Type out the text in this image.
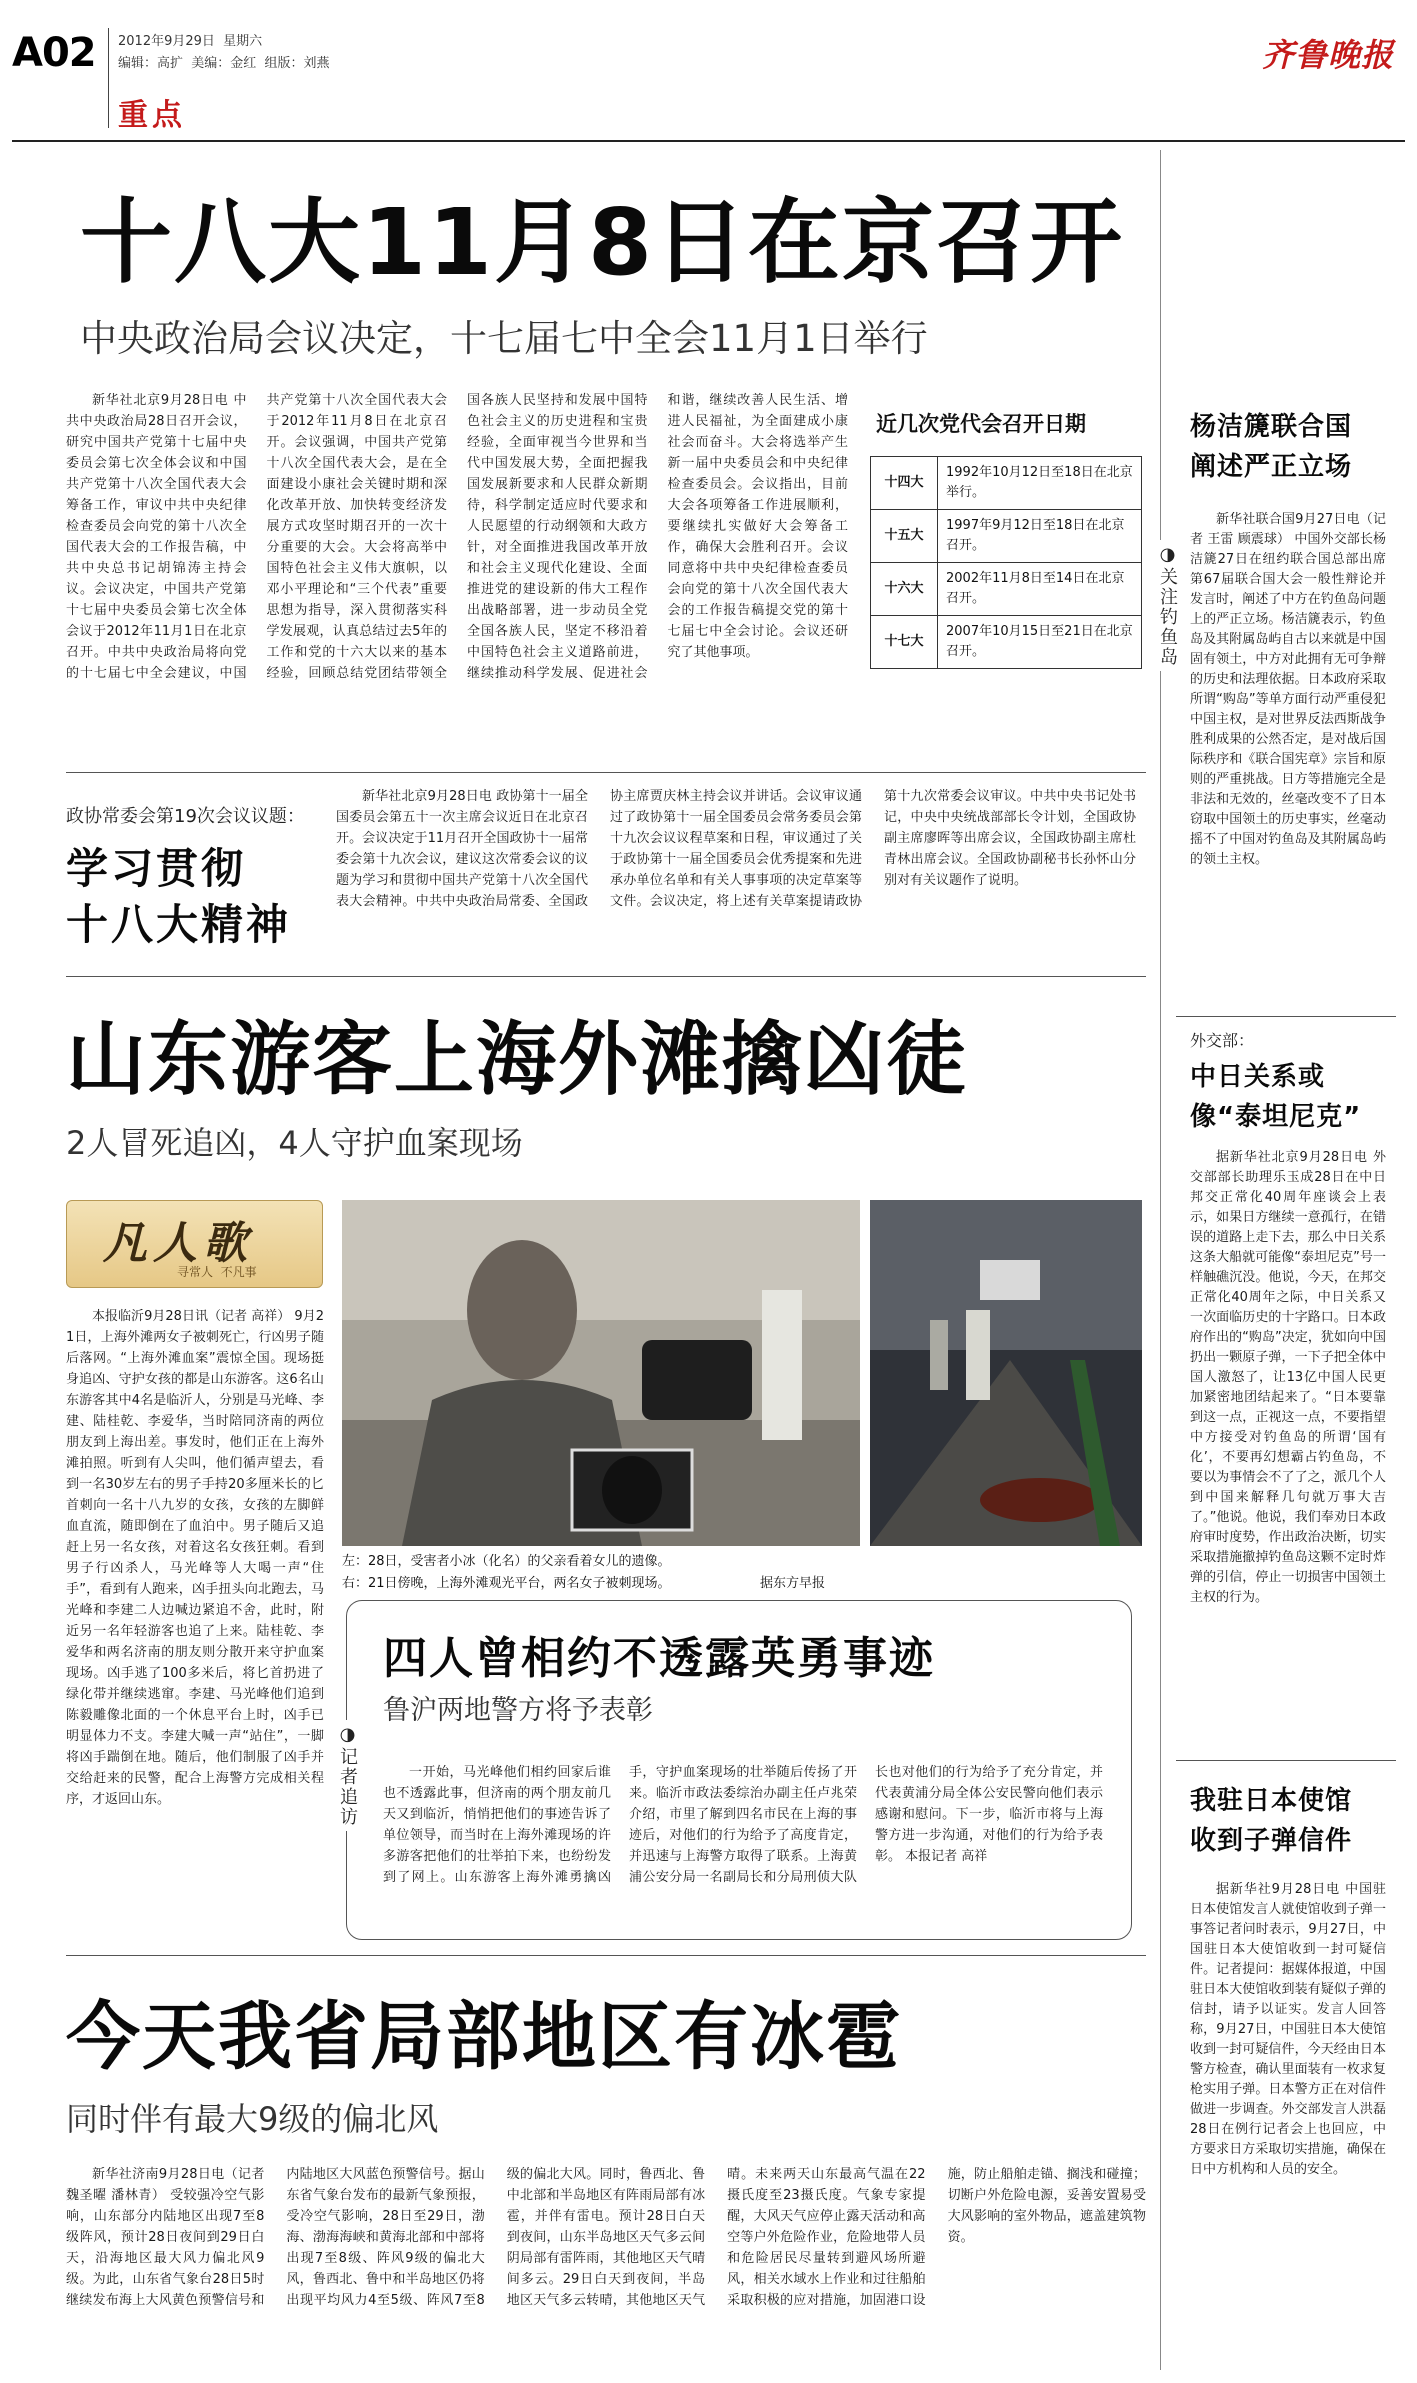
A02 2012年9月29日  星期六
编辑：高扩  美编：金红  组版：刘燕
重点
齐鲁晚报
十八大11月8日在京召开
中央政治局会议决定，十七届七中全会11月1日举行

新华社北京9月28日电 中共中央政治局28日召开会议，研究中国共产党第十七届中央委员会第七次全体会议和中国共产党第十八次全国代表大会筹备工作，审议中共中央纪律检查委员会向党的第十八次全国代表大会的工作报告稿，中共中央总书记胡锦涛主持会议。会议决定，中国共产党第十七届中央委员会第七次全体会议于2012年11月1日在北京召开。中共中央政治局将向党的十七届七中全会建议，中国共产党第十八次全国代表大会于2012年11月8日在北京召开。会议强调，中国共产党第十八次全国代表大会，是在全面建设小康社会关键时期和深化改革开放、加快转变经济发展方式攻坚时期召开的一次十分重要的大会。大会将高举中国特色社会主义伟大旗帜，以邓小平理论和“三个代表”重要思想为指导，深入贯彻落实科学发展观，认真总结过去5年的工作和党的十六大以来的基本经验，回顾总结党团结带领全国各族人民坚持和发展中国特色社会主义的历史进程和宝贵经验，全面审视当今世界和当代中国发展大势，全面把握我国发展新要求和人民群众新期待，科学制定适应时代要求和人民愿望的行动纲领和大政方针，对全面推进我国改革开放和社会主义现代化建设、全面推进党的建设新的伟大工程作出战略部署，进一步动员全党全国各族人民，坚定不移沿着中国特色社会主义道路前进，继续推动科学发展、促进社会和谐，继续改善人民生活、增进人民福祉，为全面建成小康社会而奋斗。大会将选举产生新一届中央委员会和中央纪律检查委员会。会议指出，目前大会各项筹备工作进展顺利，要继续扎实做好大会筹备工作，确保大会胜利召开。会议同意将中共中央纪律检查委员会向党的第十八次全国代表大会的工作报告稿提交党的第十七届七中全会讨论。会议还研究了其他事项。

近几次党代会召开日期
十四大	1992年10月12日至18日在北京举行。
十五大	1997年9月12日至18日在北京召开。
十六大	2002年11月8日至14日在北京召开。
十七大	2007年10月15日至21日在北京召开。
政协常委会第19次会议议题：
学习贯彻
十八大精神

新华社北京9月28日电 政协第十一届全国委员会第五十一次主席会议近日在北京召开。会议决定于11月召开全国政协十一届常委会第十九次会议，建议这次常委会议的议题为学习和贯彻中国共产党第十八次全国代表大会精神。中共中央政治局常委、全国政协主席贾庆林主持会议并讲话。会议审议通过了政协第十一届全国委员会常务委员会第十九次会议议程草案和日程，审议通过了关于政协第十一届全国委员会优秀提案和先进承办单位名单和有关人事事项的决定草案等文件。会议决定，将上述有关草案提请政协第十九次常委会议审议。中共中央书记处书记，中央中央统战部部长令计划，全国政协副主席廖晖等出席会议，全国政协副主席杜青林出席会议。全国政协副秘书长孙怀山分别对有关议题作了说明。

山东游客上海外滩擒凶徒
2人冒死追凶，4人守护血案现场
凡人歌
寻常人  不凡事

本报临沂9月28日讯（记者 高祥） 9月21日，上海外滩两女子被刺死亡，行凶男子随后落网。“上海外滩血案”震惊全国。现场挺身追凶、守护女孩的都是山东游客。这6名山东游客其中4名是临沂人，分别是马光峰、李建、陆桂乾、李爱华，当时陪同济南的两位朋友到上海出差。事发时，他们正在上海外滩拍照。听到有人尖叫，他们循声望去，看到一名30岁左右的男子手持20多厘米长的匕首刺向一名十八九岁的女孩，女孩的左脚鲜血直流，随即倒在了血泊中。男子随后又追赶上另一名女孩，对着这名女孩狂刺。看到男子行凶杀人，马光峰等人大喝一声“住手”，看到有人跑来，凶手扭头向北跑去，马光峰和李建二人边喊边紧追不舍，此时，附近另一名年轻游客也追了上来。陆桂乾、李爱华和两名济南的朋友则分散开来守护血案现场。凶手逃了100多米后，将匕首扔进了绿化带并继续逃窜。李建、马光峰他们追到陈毅雕像北面的一个休息平台上时，凶手已明显体力不支。李建大喊一声“站住”，一脚将凶手踹倒在地。随后，他们制服了凶手并交给赶来的民警，配合上海警方完成相关程序，才返回山东。

左：28日，受害者小冰（化名）的父亲看着女儿的遗像。
右：21日傍晚，上海外滩观光平台，两名女子被刺现场。	据东方早报
四人曾相约不透露英勇事迹
鲁沪两地警方将予表彰
◑记者追访	一开始，马光峰他们相约回家后谁也不透露此事，但济南的两个朋友前几天又到临沂，悄悄把他们的事迹告诉了单位领导，而当时在上海外滩现场的许多游客把他们的壮举拍下来，也纷纷发到了网上。山东游客上海外滩勇擒凶手，守护血案现场的壮举随后传扬了开来。临沂市政法委综治办副主任卢兆荣介绍，市里了解到四名市民在上海的事迹后，对他们的行为给予了高度肯定，并迅速与上海警方取得了联系。上海黄浦公安分局一名副局长和分局刑侦大队长也对他们的行为给予了充分肯定，并代表黄浦分局全体公安民警向他们表示感谢和慰问。下一步，临沂市将与上海警方进一步沟通，对他们的行为给予表彰。 本报记者 高祥

今天我省局部地区有冰雹
同时伴有最大9级的偏北风

新华社济南9月28日电（记者 魏圣曜 潘林青） 受较强冷空气影响，山东部分内陆地区出现7至8级阵风，预计28日夜间到29日白天，沿海地区最大风力偏北风9级。为此，山东省气象台28日5时继续发布海上大风黄色预警信号和内陆地区大风蓝色预警信号。据山东省气象台发布的最新气象预报，受冷空气影响，28日至29日，渤海、渤海海峡和黄海北部和中部将出现7至8级、阵风9级的偏北大风，鲁西北、鲁中和半岛地区仍将出现平均风力4至5级、阵风7至8级的偏北大风。同时，鲁西北、鲁中北部和半岛地区有阵雨局部有冰雹，并伴有雷电。预计28日白天到夜间，山东半岛地区天气多云间阴局部有雷阵雨，其他地区天气晴间多云。29日白天到夜间，半岛地区天气多云转晴，其他地区天气晴。未来两天山东最高气温在22摄氏度至23摄氏度。气象专家提醒，大风天气应停止露天活动和高空等户外危险作业，危险地带人员和危险居民尽量转到避风场所避风，相关水域水上作业和过往船舶采取积极的应对措施，加固港口设施，防止船舶走锚、搁浅和碰撞；切断户外危险电源，妥善安置易受大风影响的室外物品，遮盖建筑物资。

杨洁篪联合国
阐述严正立场
◑关注钓鱼岛

新华社联合国9月27日电（记者 王雷 顾震球） 中国外交部长杨洁篪27日在纽约联合国总部出席第67届联合国大会一般性辩论并发言时，阐述了中方在钓鱼岛问题上的严正立场。杨洁篪表示，钓鱼岛及其附属岛屿自古以来就是中国固有领土，中方对此拥有无可争辩的历史和法理依据。日本政府采取所谓“购岛”等单方面行动严重侵犯中国主权，是对世界反法西斯战争胜利成果的公然否定，是对战后国际秩序和《联合国宪章》宗旨和原则的严重挑战。日方等措施完全是非法和无效的，丝毫改变不了日本窃取中国领土的历史事实，丝毫动摇不了中国对钓鱼岛及其附属岛屿的领土主权。

外交部：
中日关系或
像“泰坦尼克”

据新华社北京9月28日电 外交部部长助理乐玉成28日在中日邦交正常化40周年座谈会上表示，如果日方继续一意孤行，在错误的道路上走下去，那么中日关系这条大船就可能像“泰坦尼克”号一样触礁沉没。他说，今天，在邦交正常化40周年之际，中日关系又一次面临历史的十字路口。日本政府作出的“购岛”决定，犹如向中国扔出一颗原子弹，一下子把全体中国人激怒了，让13亿中国人民更加紧密地团结起来了。“日本要靠到这一点，正视这一点，不要指望中方接受对钓鱼岛的所谓‘国有化’，不要再幻想霸占钓鱼岛，不要以为事情会不了了之，派几个人到中国来解释几句就万事大吉了。”他说。他说，我们奉劝日本政府审时度势，作出政治决断，切实采取措施撤掉钓鱼岛这颗不定时炸弹的引信，停止一切损害中国领土主权的行为。

我驻日本使馆
收到子弹信件

据新华社9月28日电 中国驻日本使馆发言人就使馆收到子弹一事答记者问时表示，9月27日，中国驻日本大使馆收到一封可疑信件。记者提问：据媒体报道，中国驻日本大使馆收到装有疑似子弹的信封，请予以证实。发言人回答称，9月27日，中国驻日本大使馆收到一封可疑信件，今天经由日本警方检查，确认里面装有一枚求复枪实用子弹。日本警方正在对信件做进一步调查。外交部发言人洪磊28日在例行记者会上也回应，中方要求日方采取切实措施，确保在日中方机构和人员的安全。
